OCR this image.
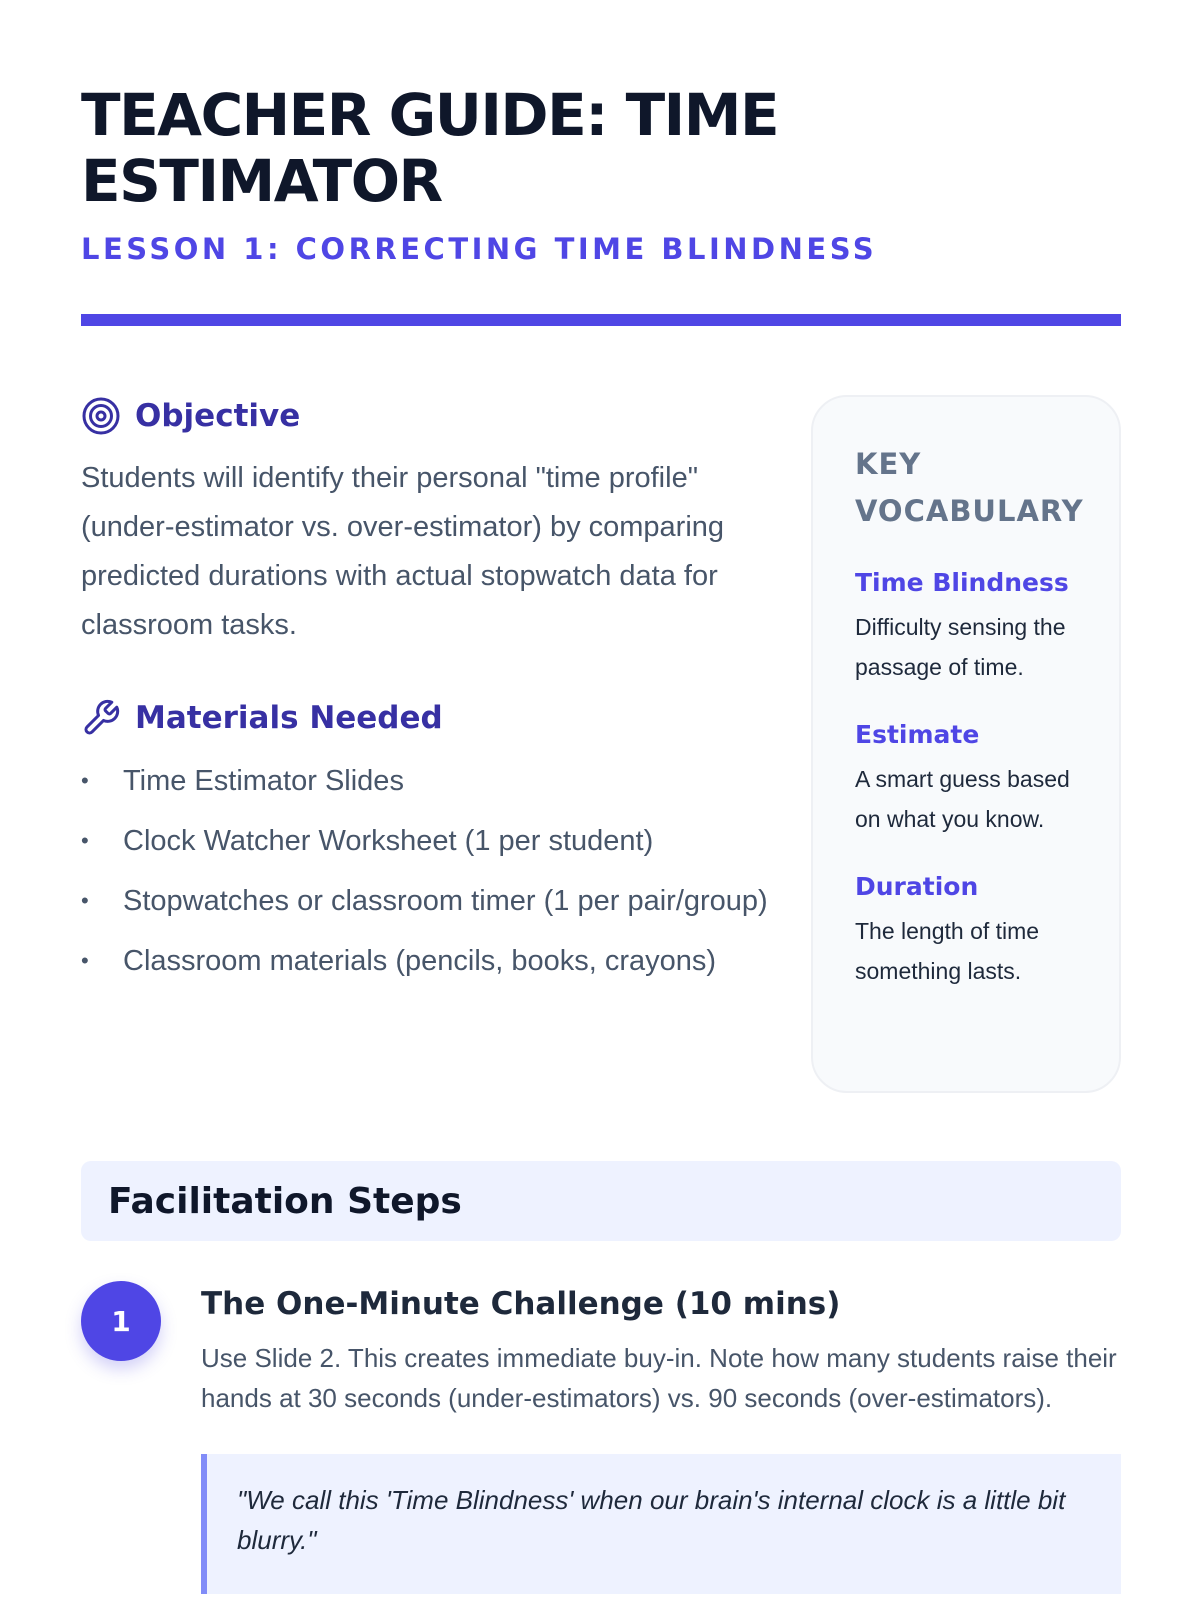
TEACHER GUIDE: TIME ESTIMATOR
LESSON 1: CORRECTING TIME BLINDNESS
Objective

Students will identify their personal "time profile" (under-estimator vs. over-estimator) by comparing predicted durations with actual stopwatch data for classroom tasks.

Materials Needed
• Time Estimator Slides
• Clock Watcher Worksheet (1 per student)
• Stopwatches or classroom timer (1 per pair/group)
• Classroom materials (pencils, books, crayons)
KEY VOCABULARY
Time Blindness
Difficulty sensing the passage of time.
Estimate
A smart guess based on what you know.
Duration
The length of time something lasts.
Facilitation Steps
1	The One-Minute Challenge (10 mins)

Use Slide 2. This creates immediate buy-in. Note how many students raise their hands at 30 seconds (under-estimators) vs. 90 seconds (over-estimators).

"We call this 'Time Blindness' when our brain's internal clock is a little bit blurry."
